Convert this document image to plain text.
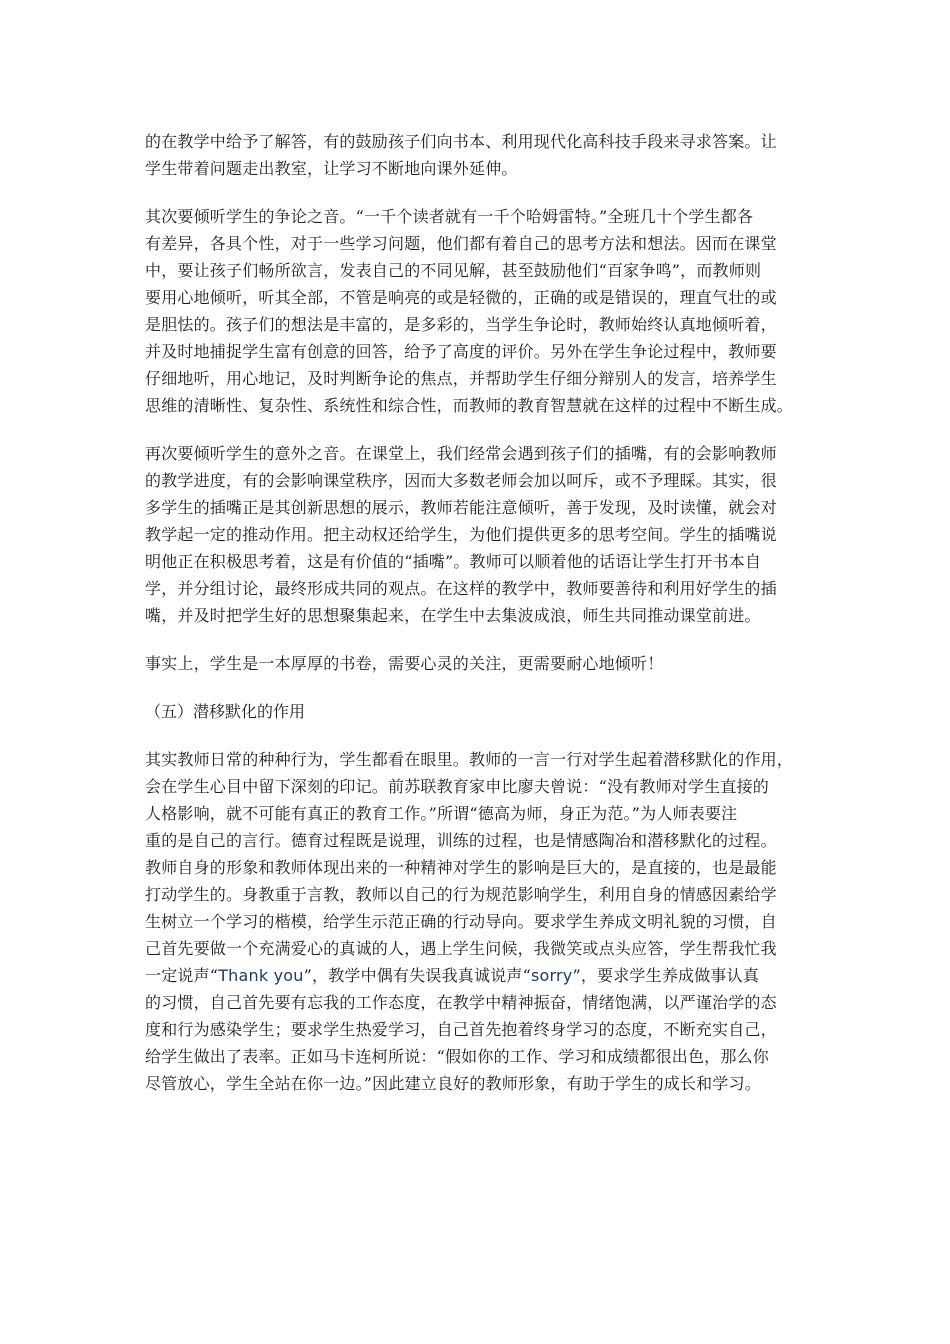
的在教学中给予了解答，有的鼓励孩子们向书本、利用现代化高科技手段来寻求答案。让
学生带着问题走出教室，让学习不断地向课外延伸。
其次要倾听学生的争论之音。“一千个读者就有一千个哈姆雷特。”全班几十个学生都各
有差异，各具个性，对于一些学习问题，他们都有着自己的思考方法和想法。因而在课堂
中，要让孩子们畅所欲言，发表自己的不同见解，甚至鼓励他们“百家争鸣”，而教师则
要用心地倾听，听其全部，不管是响亮的或是轻微的，正确的或是错误的，理直气壮的或
是胆怯的。孩子们的想法是丰富的，是多彩的，当学生争论时，教师始终认真地倾听着，
并及时地捕捉学生富有创意的回答，给予了高度的评价。另外在学生争论过程中，教师要
仔细地听，用心地记，及时判断争论的焦点，并帮助学生仔细分辩别人的发言，培养学生
思维的清晰性、复杂性、系统性和综合性，而教师的教育智慧就在这样的过程中不断生成。
再次要倾听学生的意外之音。在课堂上，我们经常会遇到孩子们的插嘴，有的会影响教师
的教学进度，有的会影响课堂秩序，因而大多数老师会加以呵斥，或不予理睬。其实，很
多学生的插嘴正是其创新思想的展示，教师若能注意倾听，善于发现，及时读懂，就会对
教学起一定的推动作用。把主动权还给学生，为他们提供更多的思考空间。学生的插嘴说
明他正在积极思考着，这是有价值的“插嘴”。教师可以顺着他的话语让学生打开书本自
学，并分组讨论，最终形成共同的观点。在这样的教学中，教师要善待和利用好学生的插
嘴，并及时把学生好的思想聚集起来，在学生中去集波成浪，师生共同推动课堂前进。
事实上，学生是一本厚厚的书卷，需要心灵的关注，更需要耐心地倾听！
（五）潜移默化的作用
其实教师日常的种种行为，学生都看在眼里。教师的一言一行对学生起着潜移默化的作用，
会在学生心目中留下深刻的印记。前苏联教育家申比廖夫曾说：“没有教师对学生直接的
人格影响，就不可能有真正的教育工作。”所谓“德高为师，身正为范。”为人师表要注
重的是自己的言行。德育过程既是说理，训练的过程，也是情感陶冶和潜移默化的过程。
教师自身的形象和教师体现出来的一种精神对学生的影响是巨大的，是直接的，也是最能
打动学生的。身教重于言教，教师以自己的行为规范影响学生，利用自身的情感因素给学
生树立一个学习的楷模，给学生示范正确的行动导向。要求学生养成文明礼貌的习惯，自
己首先要做一个充满爱心的真诚的人，遇上学生问候，我微笑或点头应答，学生帮我忙我
一定说声“Thank you”，教学中偶有失误我真诚说声“sorry”，要求学生养成做事认真
的习惯，自己首先要有忘我的工作态度，在教学中精神振奋，情绪饱满，以严谨治学的态
度和行为感染学生；要求学生热爱学习，自己首先抱着终身学习的态度，不断充实自己，
给学生做出了表率。正如马卡连柯所说：“假如你的工作、学习和成绩都很出色，那么你
尽管放心，学生全站在你一边。”因此建立良好的教师形象，有助于学生的成长和学习。
